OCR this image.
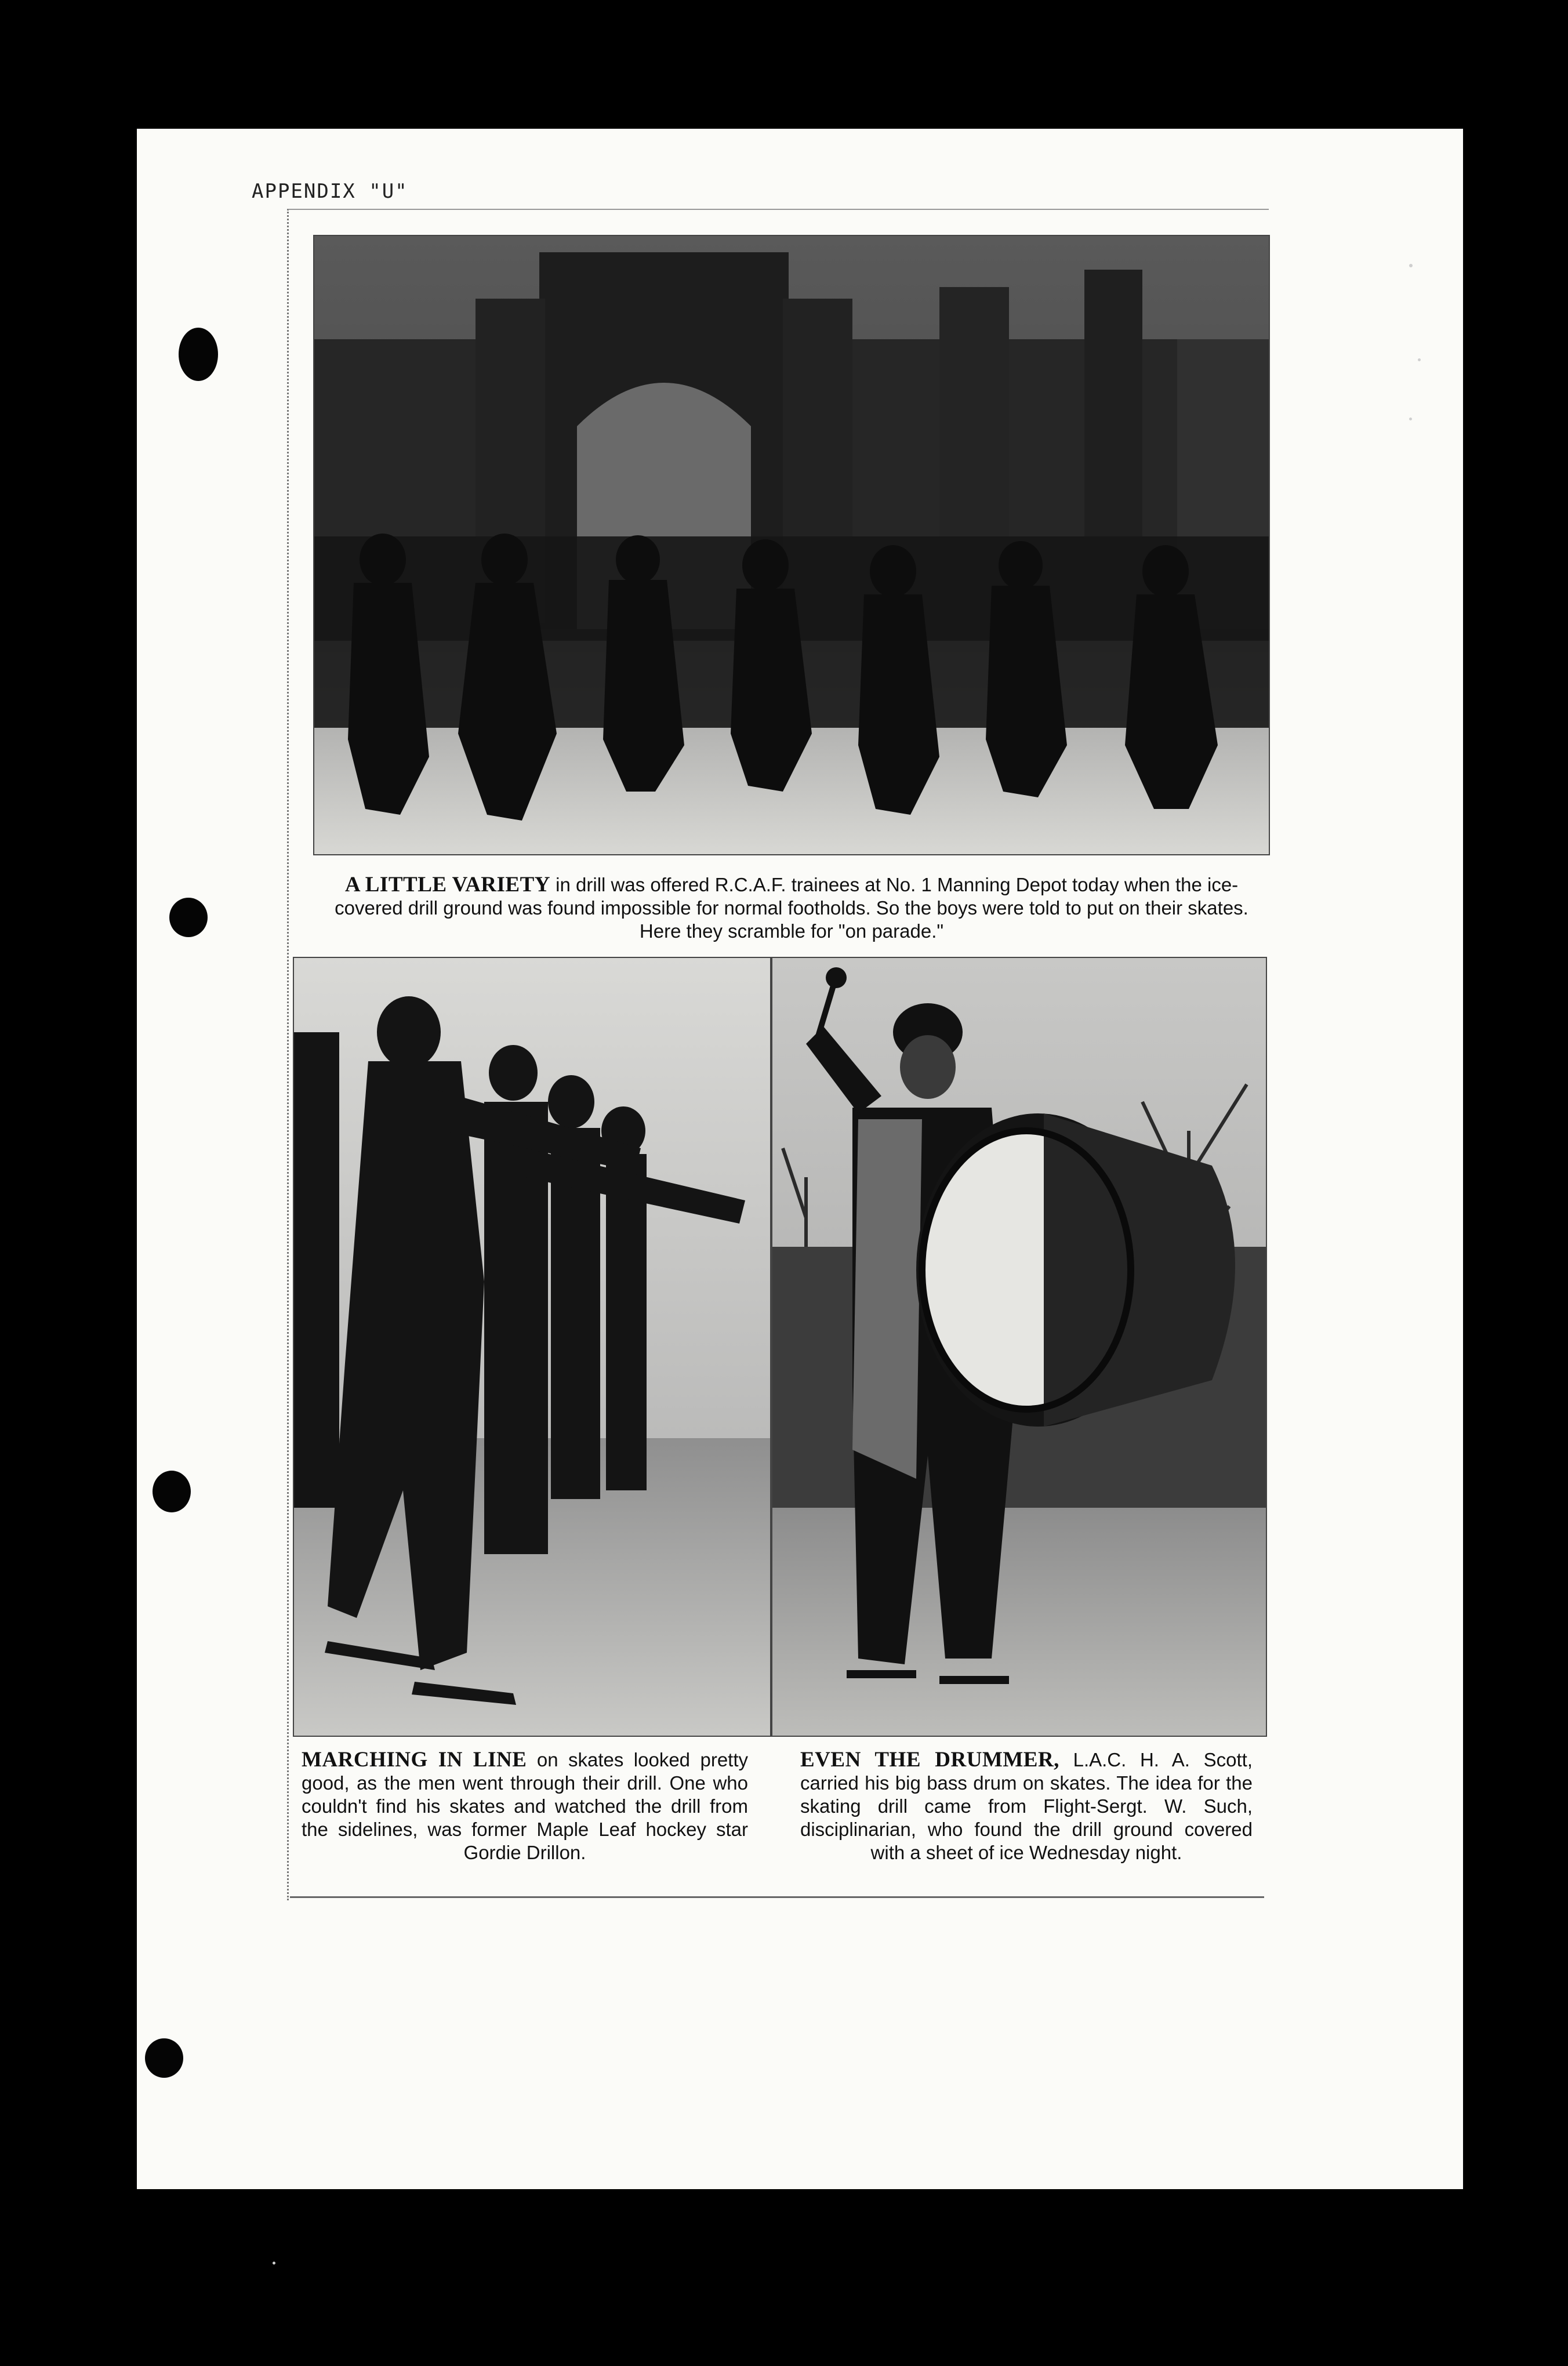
APPENDIX "U"
A LITTLE VARIETY in drill was offered R.C.A.F. trainees at No. 1 Manning Depot today when the ice-covered drill ground was found impossible for normal footholds. So the boys were told to put on their skates. Here they scramble for "on parade."
MARCHING IN LINE on skates looked pretty good, as the men went through their drill. One who couldn't find his skates and watched the drill from the sidelines, was former Maple Leaf hockey star Gordie Drillon.
EVEN THE DRUMMER, L.A.C. H. A. Scott, carried his big bass drum on skates. The idea for the skating drill came from Flight-Sergt. W. Such, disciplinarian, who found the drill ground covered with a sheet of ice Wednesday night.
